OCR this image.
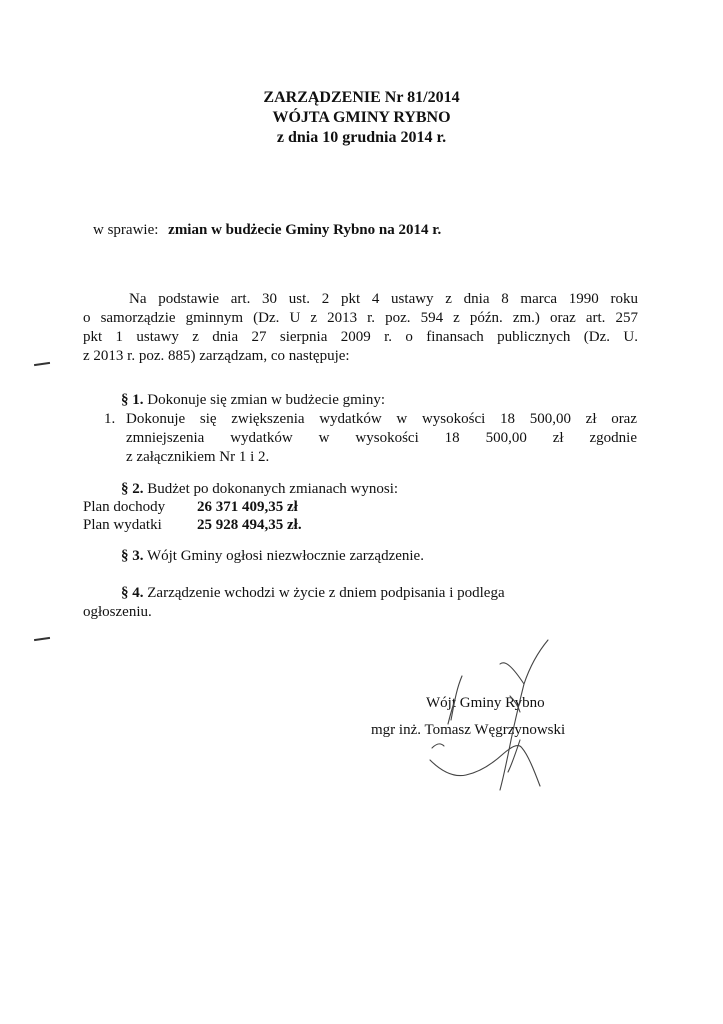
ZARZĄDZENIE Nr 81/2014
WÓJTA GMINY RYBNO
z dnia 10 grudnia 2014 r.
w sprawie: zmian w budżecie Gminy Rybno na 2014 r.
Na podstawie art. 30 ust. 2 pkt 4 ustawy z dnia 8 marca 1990 roku
o samorządzie gminnym (Dz. U z 2013 r. poz. 594 z późn. zm.) oraz art. 257
pkt 1 ustawy z dnia 27 sierpnia 2009 r. o finansach publicznych (Dz. U.
z 2013 r. poz. 885) zarządzam, co następuje:
§ 1. Dokonuje się zmian w budżecie gminy:
1. Dokonuje się zwiększenia wydatków w wysokości 18 500,00 zł oraz
zmniejszenia wydatków w wysokości 18 500,00 zł zgodnie
z załącznikiem Nr 1 i 2.
§ 2. Budżet po dokonanych zmianach wynosi:
Plan dochody 26 371 409,35 zł
Plan wydatki 25 928 494,35 zł.
§ 3. Wójt Gminy ogłosi niezwłocznie zarządzenie.
§ 4. Zarządzenie wchodzi w życie z dniem podpisania i podlega
ogłoszeniu.
Wójt Gminy Rybno
mgr inż. Tomasz Węgrzynowski
